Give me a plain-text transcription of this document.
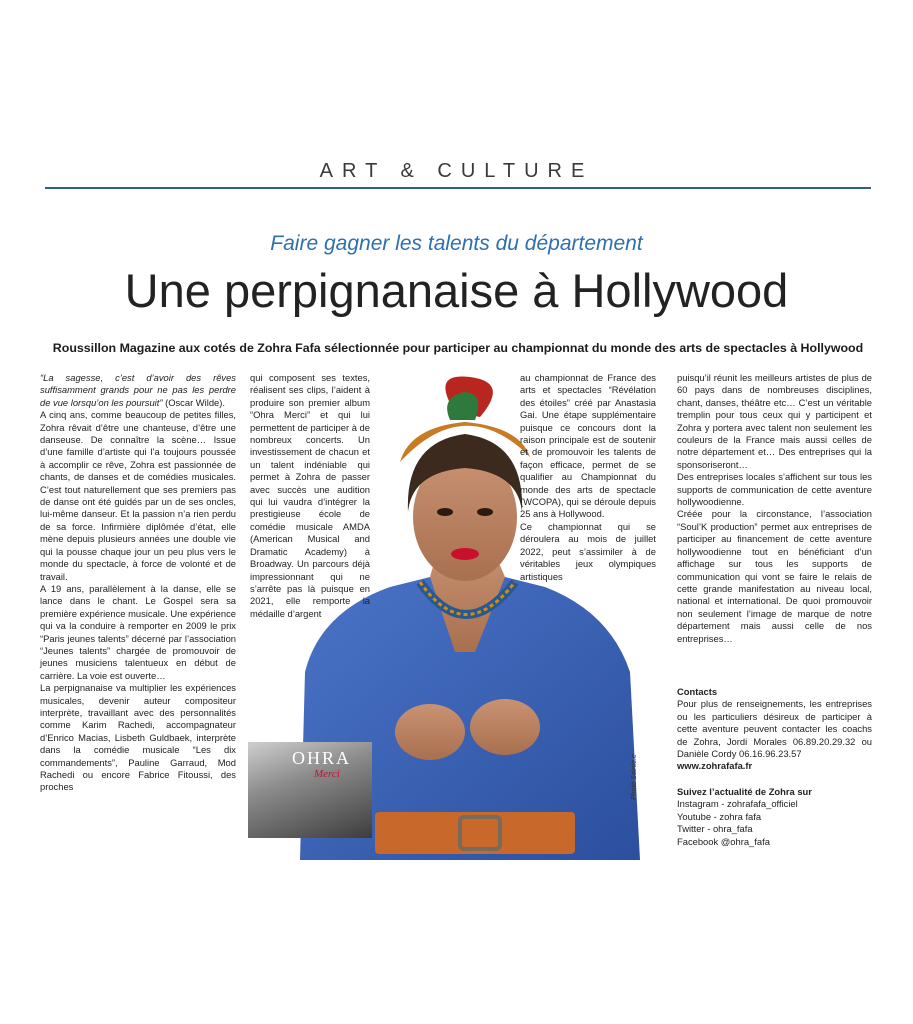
ART & CULTURE
Faire gagner les talents du département
Une perpignanaise à Hollywood
Roussillon Magazine aux cotés de Zohra Fafa sélectionnée pour participer au championnat du monde des arts de spectacles à Hollywood

“La sagesse, c’est d’avoir des rêves suffisamment grands pour ne pas les perdre de vue lorsqu’on les poursuit” (Oscar Wilde).

A cinq ans, comme beaucoup de petites filles, Zohra rêvait d’être une chanteuse, d’être une danseuse. De connaître la scène… Issue d’une famille d’artiste qui l’a toujours poussée à accomplir ce rêve, Zohra est passionnée de chants, de danses et de comédies musicales. C’est tout naturellement que ses premiers pas de danse ont été guidés par un de ses oncles, lui-même danseur. Et la passion n’a rien perdu de sa force. Infirmière diplômée d’état, elle mène depuis plusieurs années une double vie qui la pousse chaque jour un peu plus vers le monde du spectacle, à force de volonté et de travail.

A 19 ans, parallèlement à la danse, elle se lance dans le chant. Le Gospel sera sa première expérience musicale. Une expérience qui va la conduire à remporter en 2009 le prix “Paris jeunes talents” décerné par l’association “Jeunes talents” chargée de promouvoir de jeunes musiciens talentueux en début de carrière. La voie est ouverte…

La perpignanaise va multiplier les expériences musicales, devenir auteur compositeur interprète, travaillant avec des personnalités comme Karim Rachedi, accompagnateur d’Enrico Macias, Lisbeth Guldbaek, interprète dans la comédie musicale “Les dix commandements”, Pauline Garraud, Mod Rachedi ou encore Fabrice Fitoussi, des proches	Photo Sainte.e
OHRA
Merci

qui composent ses textes, réalisent ses clips, l’aident à produire son premier album “Ohra Merci” et qui lui permettent de participer à de nombreux concerts. Un investissement de chacun et un talent indéniable qui permet à Zohra de passer avec succès une audition qui lui vaudra d’intégrer la prestigieuse école de comédie musicale AMDA (American Musical and Dramatic Academy) à Broadway. Un parcours déjà impressionnant qui ne s’arrête pas là puisque en 2021, elle remporte la médaille d’argent

au championnat de France des arts et spectacles “Révélation des étoiles” créé par Anastasia Gai. Une étape supplémentaire puisque ce concours dont la raison principale est de soutenir et de promouvoir les talents de façon efficace, permet de se qualifier au Championnat du monde des arts de spectacle (WCOPA), qui se déroule depuis 25 ans à Hollywood.

Ce championnat qui se déroulera au mois de juillet 2022, peut s’assimiler à de véritables jeux olympiques artistiques

puisqu’il réunit les meilleurs artistes de plus de 60 pays dans de nombreuses disciplines, chant, danses, théâtre etc… C’est un véritable tremplin pour tous ceux qui y participent et Zohra y portera avec talent non seulement les couleurs de la France mais aussi celles de notre département et… Des entreprises qui la sponsoriseront…

Des entreprises locales s’affichent sur tous les supports de communication de cette aventure hollywoodienne.

Créée pour la circonstance, l’association “Soul’K production” permet aux entreprises de participer au financement de cette aventure hollywoodienne tout en bénéficiant d’un affichage sur tous les supports de communication qui vont se faire le relais de cette grande manifestation au niveau local, national et international. De quoi promouvoir non seulement l’image de marque de notre département mais aussi celle de nos entreprises…

Contacts

Pour plus de renseignements, les entreprises ou les particuliers désireux de participer à cette aventure peuvent contacter les coachs de Zohra, Jordi Morales 06.89.20.29.32 ou Danièle Cordy 06.16.96.23.57

www.zohrafafa.fr

Suivez l’actualité de Zohra sur

Instagram - zohrafafa_officiel

Youtube - zohra fafa

Twitter - ohra_fafa

Facebook @ohra_fafa
